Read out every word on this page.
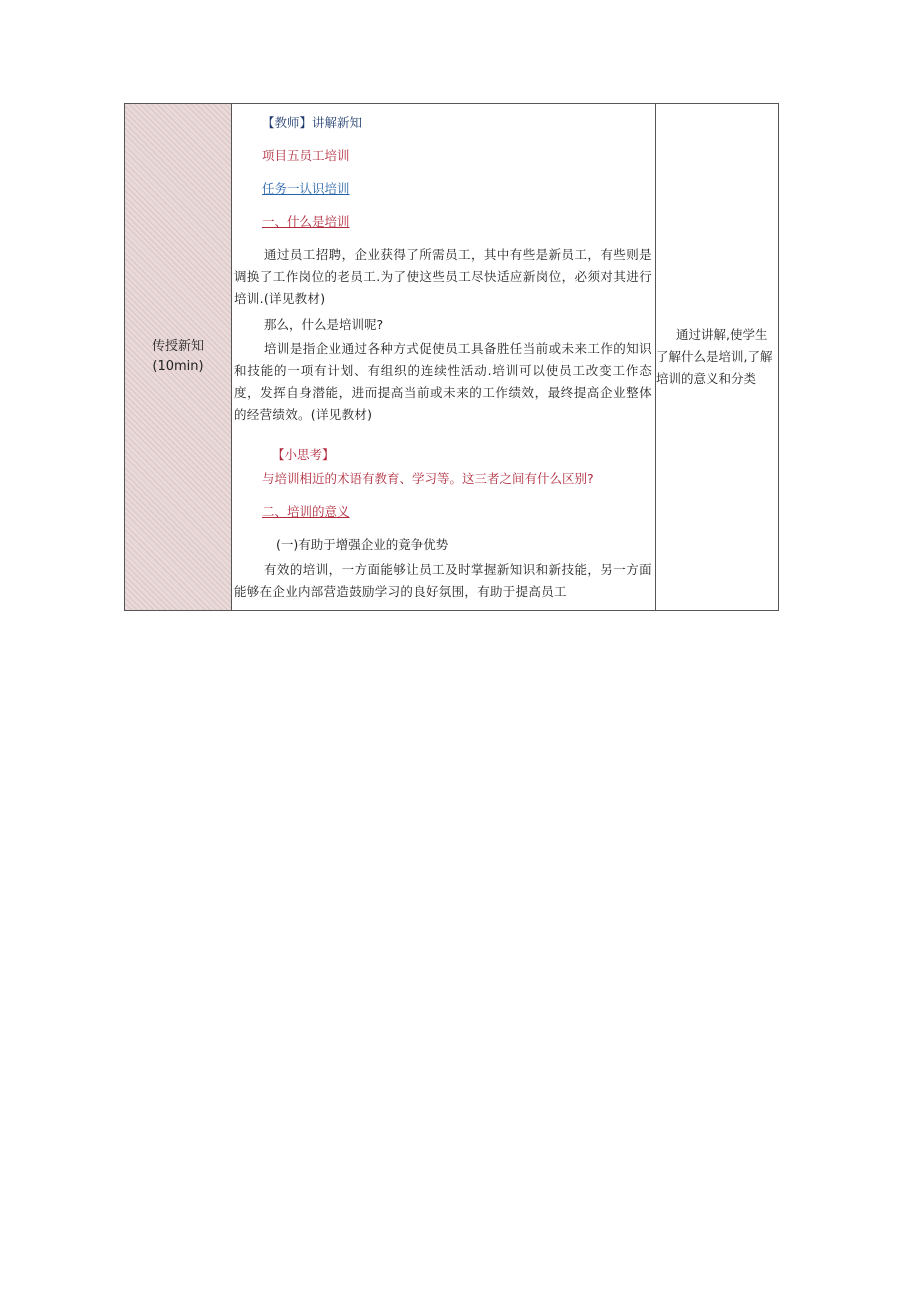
传授新知
(10min)
【教师】讲解新知
项目五员工培训
任务一认识培训
一、什么是培训

通过员工招聘，企业获得了所需员工，其中有些是新员工，有些则是调换了工作岗位的老员工.为了使这些员工尽快适应新岗位，必须对其进行培训.(详见教材)

那么，什么是培训呢?

培训是指企业通过各种方式促使员工具备胜任当前或未来工作的知识和技能的一项有计划、有组织的连续性活动.培训可以使员工改变工作态度，发挥自身潜能，进而提高当前或未来的工作绩效，最终提高企业整体的经营绩效。(详见教材)

【小思考】
与培训相近的术语有教育、学习等。这三者之间有什么区别?
二、培训的意义
(一)有助于增强企业的竟争优势

有效的培训，一方面能够让员工及时掌握新知识和新技能，另一方面能够在企业内部营造鼓励学习的良好氛围，有助于提高员工

通过讲解,使学生了解什么是培训,了解培训的意义和分类
